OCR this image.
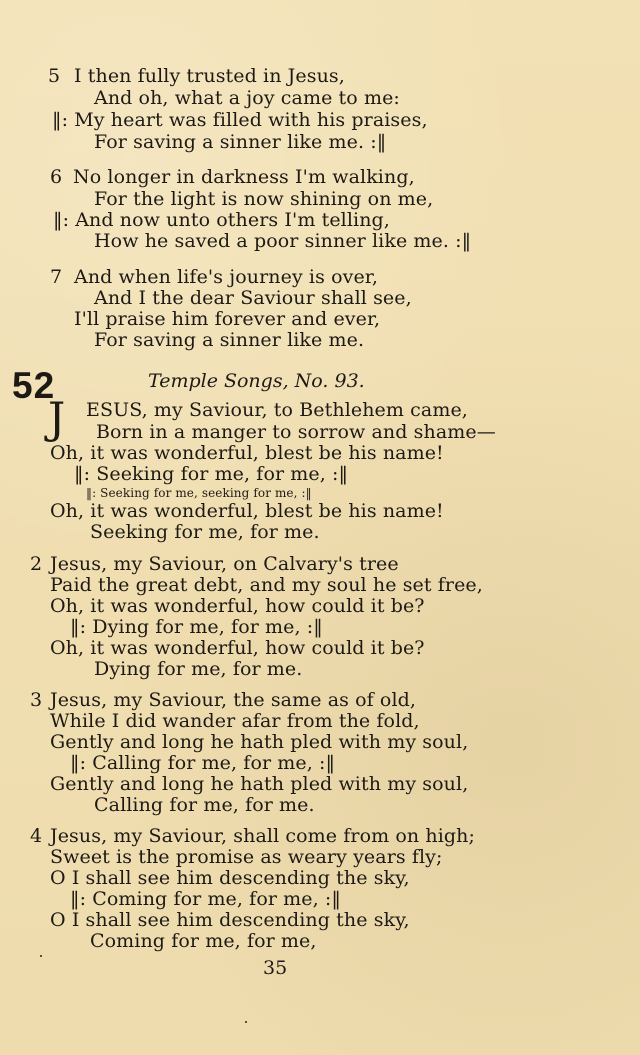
5 I then fully trusted in Jesus,
And oh, what a joy came to me:
‖: My heart was filled with his praises,
For saving a sinner like me. :‖
6 No longer in darkness I'm walking,
For the light is now shining on me,
‖: And now unto others I'm telling,
How he saved a poor sinner like me. :‖
7 And when life's journey is over,
And I the dear Saviour shall see,
I'll praise him forever and ever,
For saving a sinner like me.
52	Temple Songs, No. 93.
J ESUS, my Saviour, to Bethlehem came,
Born in a manger to sorrow and shame—
Oh, it was wonderful, blest be his name!
‖: Seeking for me, for me, :‖
‖: Seeking for me, seeking for me, :‖
Oh, it was wonderful, blest be his name!
Seeking for me, for me.
2 Jesus, my Saviour, on Calvary's tree
Paid the great debt, and my soul he set free,
Oh, it was wonderful, how could it be?
‖: Dying for me, for me, :‖
Oh, it was wonderful, how could it be?
Dying for me, for me.
3 Jesus, my Saviour, the same as of old,
While I did wander afar from the fold,
Gently and long he hath pled with my soul,
‖: Calling for me, for me, :‖
Gently and long he hath pled with my soul,
Calling for me, for me.
4 Jesus, my Saviour, shall come from on high;
Sweet is the promise as weary years fly;
O I shall see him descending the sky,
‖: Coming for me, for me, :‖
O I shall see him descending the sky,
Coming for me, for me,
35
